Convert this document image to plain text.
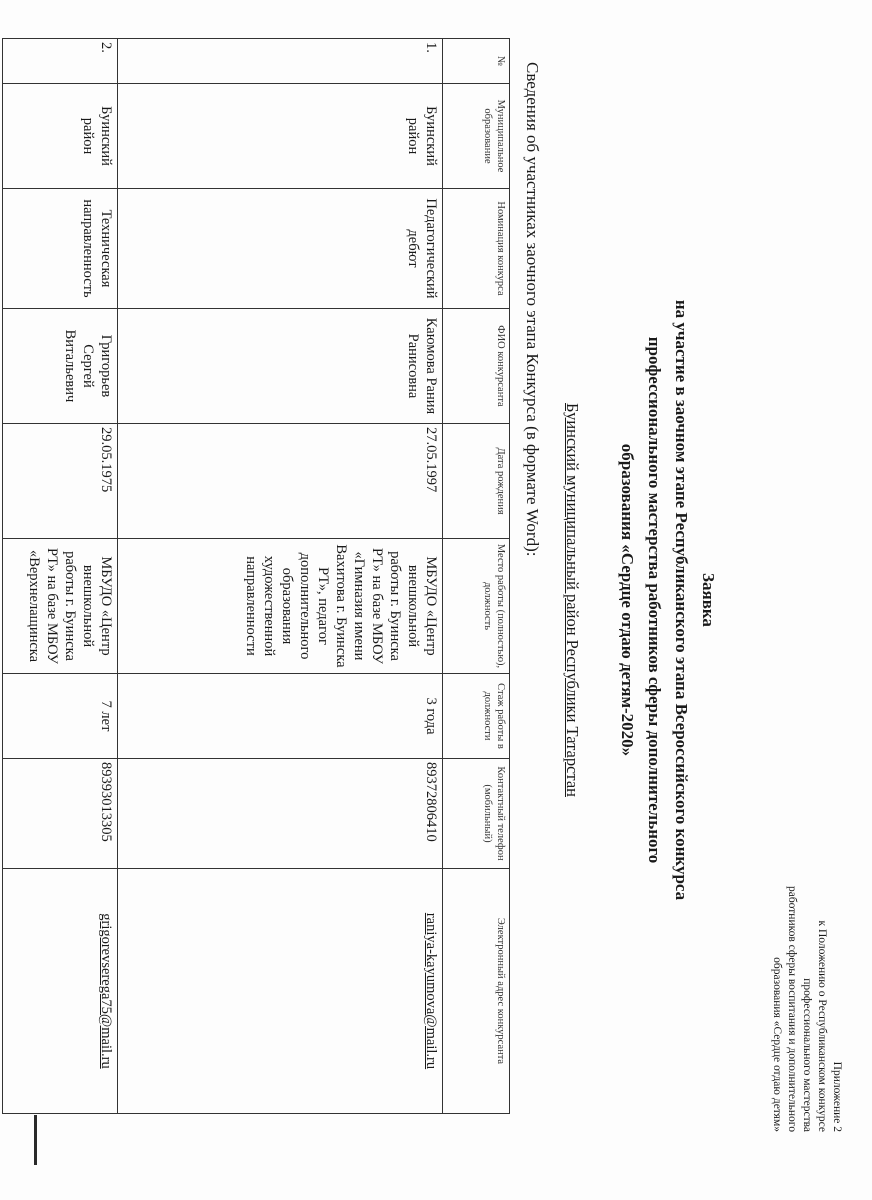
Приложение 2
к Положению о Республиканском конкурсе
профессионального мастерства
работников сферы воспитания и дополнительного
образования «Сердце отдаю детям»
Заявка
на участие в заочном этапе Республиканского этапа Всероссийского конкурса
профессионального мастерства работников сферы дополнительного
образования «Сердце отдаю детям-2020»
Буинский муниципальный район Республики Татарстан
Сведения об участниках заочного этапа Конкурса (в формате Word):
№	Муниципальное образование	Номинация конкурса	ФИО конкурсанта	Дата рождения	Место работы (полностью), должность	Стаж работы в должности	Контактный телефон (мобильный)	Электронный адрес конкурсанта
1.	Буинский район	Педагогический дебют	Каюмова Рания Ранисовна	27.05.1997	МБУДО «Центр внешкольной работы г. Буинска РТ» на базе МБОУ «Гимназия имени Вахитова г. Буинска РТ», педагог дополнительного образования художественной направленности	3 года	89372806410	raniya-kayumova@mail.ru
2.	Буинский район	Техническая направленность	Григорьев Сергей Витальевич	29.05.1975	МБУДО «Центр внешкольной работы г. Буинска РТ» на базе МБОУ «Верхнелащинска	7 лет	89393013305	grigorevserega75@mail.ru
